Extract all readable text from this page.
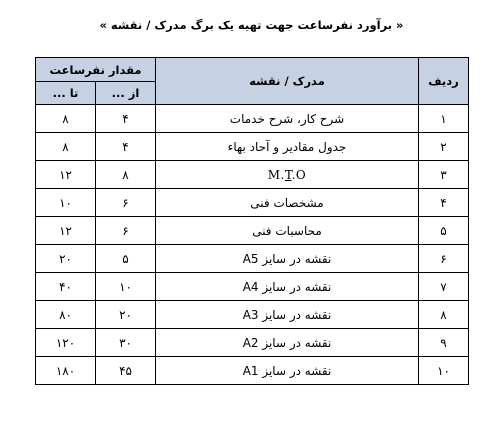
« برآورد نفرساعت جهت تهیه یک برگ مدرک / نقشه »
ردیف	مدرک / نقشه	مقدار نفرساعت	
		از ...	تا ...
۱	شرح کار، شرح خدمات	۴	۸
۲	جدول مقادیر و آحاد بهاء	۴	۸
۳	M.T.O	۸	۱۲
۴	مشخصات فنی	۶	۱۰
۵	محاسبات فنی	۶	۱۲
۶	نقشه در سایز A5	۵	۲۰
۷	نقشه در سایز A4	۱۰	۴۰
۸	نقشه در سایز A3	۲۰	۸۰
۹	نقشه در سایز A2	۳۰	۱۲۰
۱۰	نقشه در سایز A1	۴۵	۱۸۰
